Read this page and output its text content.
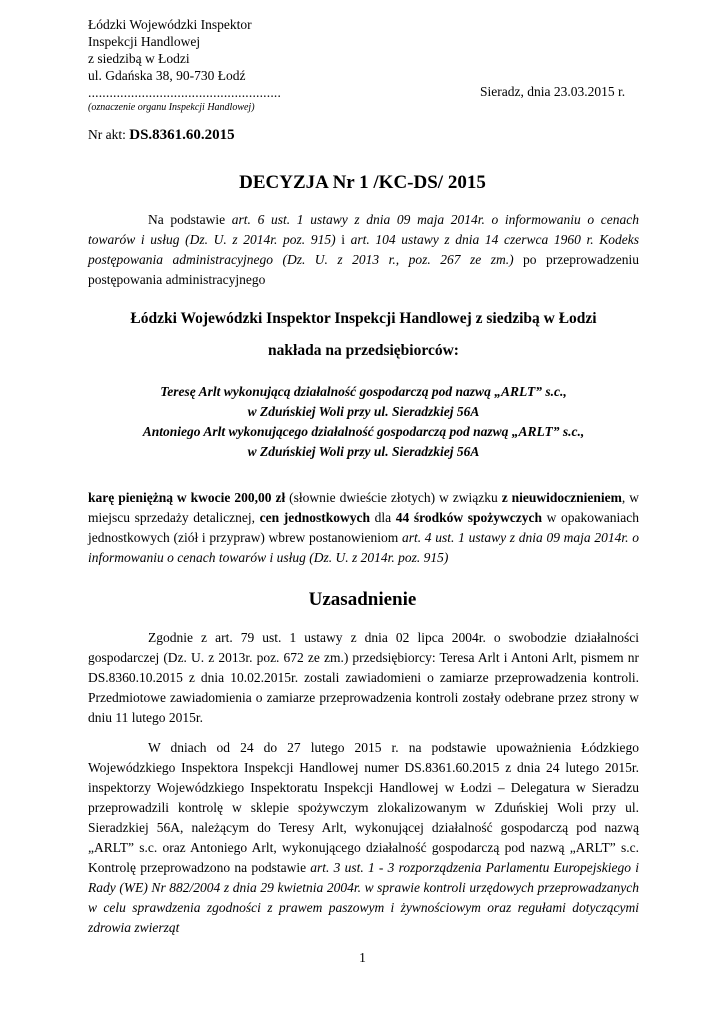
Łódzki Wojewódzki Inspektor
Inspekcji Handlowej
z siedzibą w Łodzi
ul. Gdańska 38, 90-730 Łodź
......................................................
(oznaczenie organu Inspekcji Handlowej)
Sieradz, dnia 23.03.2015 r.
Nr akt: DS.8361.60.2015
DECYZJA Nr 1 /KC-DS/ 2015

Na podstawie art. 6 ust. 1 ustawy z dnia 09 maja 2014r. o informowaniu o cenach towarów i usług (Dz. U. z 2014r. poz. 915) i art. 104 ustawy z dnia 14 czerwca 1960 r. Kodeks postępowania administracyjnego (Dz. U. z 2013 r., poz. 267 ze zm.) po przeprowadzeniu postępowania administracyjnego

Łódzki Wojewódzki Inspektor Inspekcji Handlowej z siedzibą w Łodzi
nakłada na przedsiębiorców:
Teresę Arlt wykonującą działalność gospodarczą pod nazwą „ARLT” s.c.,
w Zduńskiej Woli przy ul. Sieradzkiej 56A
Antoniego Arlt wykonującego działalność gospodarczą pod nazwą „ARLT” s.c.,
w Zduńskiej Woli przy ul. Sieradzkiej 56A

karę pieniężną w kwocie 200,00 zł (słownie dwieście złotych) w związku z nieuwidocznieniem, w miejscu sprzedaży detalicznej, cen jednostkowych dla 44 środków spożywczych w opakowaniach jednostkowych (ziół i przypraw) wbrew postanowieniom art. 4 ust. 1 ustawy z dnia 09 maja 2014r. o informowaniu o cenach towarów i usług (Dz. U. z 2014r. poz. 915)

Uzasadnienie

Zgodnie z art. 79 ust. 1 ustawy z dnia 02 lipca 2004r. o swobodzie działalności gospodarczej (Dz. U. z 2013r. poz. 672 ze zm.) przedsiębiorcy: Teresa Arlt i Antoni Arlt, pismem nr DS.8360.10.2015 z dnia 10.02.2015r. zostali zawiadomieni o zamiarze przeprowadzenia kontroli. Przedmiotowe zawiadomienia o zamiarze przeprowadzenia kontroli zostały odebrane przez strony w dniu 11 lutego 2015r.

W dniach od 24 do 27 lutego 2015 r. na podstawie upoważnienia Łódzkiego Wojewódzkiego Inspektora Inspekcji Handlowej numer DS.8361.60.2015 z dnia 24 lutego 2015r. inspektorzy Wojewódzkiego Inspektoratu Inspekcji Handlowej w Łodzi – Delegatura w Sieradzu przeprowadzili kontrolę w sklepie spożywczym zlokalizowanym w Zduńskiej Woli przy ul. Sieradzkiej 56A, należącym do Teresy Arlt, wykonującej działalność gospodarczą pod nazwą „ARLT” s.c. oraz Antoniego Arlt, wykonującego działalność gospodarczą pod nazwą „ARLT” s.c. Kontrolę przeprowadzono na podstawie art. 3 ust. 1 - 3 rozporządzenia Parlamentu Europejskiego i Rady (WE) Nr 882/2004 z dnia 29 kwietnia 2004r. w sprawie kontroli urzędowych przeprowadzanych w celu sprawdzenia zgodności z prawem paszowym i żywnościowym oraz regułami dotyczącymi zdrowia zwierząt

1
